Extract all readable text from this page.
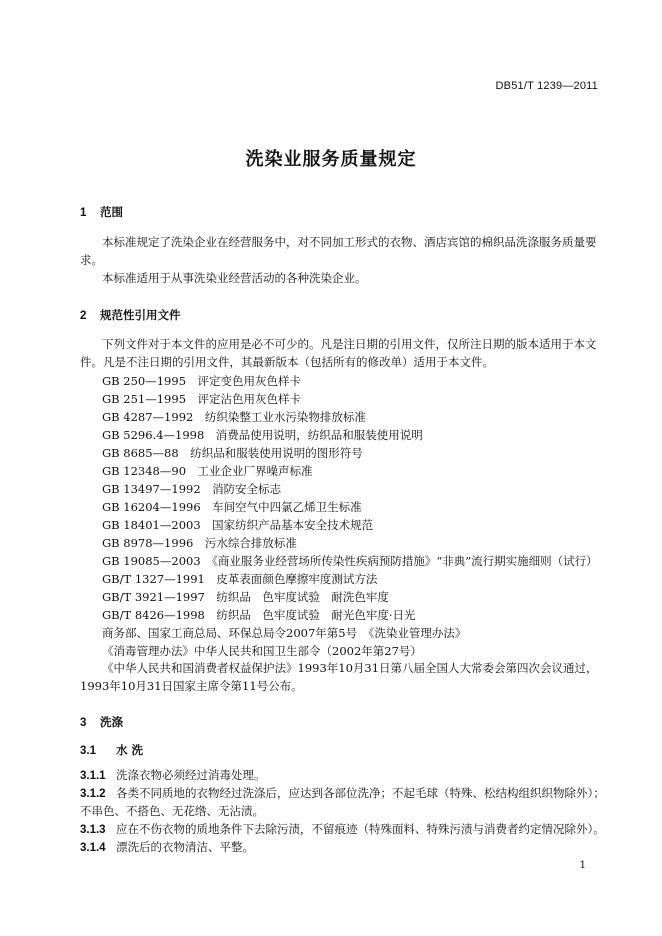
DB51/T 1239—2011
洗染业服务质量规定
1 范围
本标准规定了洗染企业在经营服务中，对不同加工形式的衣物、酒店宾馆的棉织品洗涤服务质量要
求。
本标准适用于从事洗染业经营活动的各种洗染企业。
2 规范性引用文件
下列文件对于本文件的应用是必不可少的。凡是注日期的引用文件，仅所注日期的版本适用于本文
件。凡是不注日期的引用文件，其最新版本（包括所有的修改单）适用于本文件。
GB 250—1995　评定变色用灰色样卡
GB 251—1995　评定沾色用灰色样卡
GB 4287—1992　纺织染整工业水污染物排放标准
GB 5296.4—1998　消费品使用说明，纺织品和服装使用说明
GB 8685—88　纺织品和服装使用说明的图形符号
GB 12348—90　工业企业厂界噪声标准
GB 13497—1992　消防安全标志
GB 16204—1996　车间空气中四氯乙烯卫生标准
GB 18401—2003　国家纺织产品基本安全技术规范
GB 8978—1996　污水综合排放标准
GB 19085—2003　《商业服务业经营场所传染性疾病预防措施》“非典”流行期实施细则（试行）
GB/T 1327—1991　皮革表面颜色摩擦牢度测试方法
GB/T 3921—1997　纺织品　色牢度试验　耐洗色牢度
GB/T 8426—1998　纺织品　色牢度试验　耐光色牢度·日光
商务部、国家工商总局、环保总局令2007年第5号　《洗染业管理办法》
《消毒管理办法》中华人民共和国卫生部令（2002年第27号）
《中华人民共和国消费者权益保护法》1993年10月31日第八届全国人大常委会第四次会议通过，
1993年10月31日国家主席令第11号公布。
3 洗涤
3.1 水 洗
3.1.1 洗涤衣物必须经过消毒处理。
3.1.2 各类不同质地的衣物经过洗涤后，应达到各部位洗净；不起毛球（特殊、松结构组织织物除外）；
不串色、不搭色、无花绺、无沾渍。
3.1.3 应在不伤衣物的质地条件下去除污渍，不留痕迹（特殊面料、特殊污渍与消费者约定情况除外）。
3.1.4 漂洗后的衣物清洁、平整。
1
